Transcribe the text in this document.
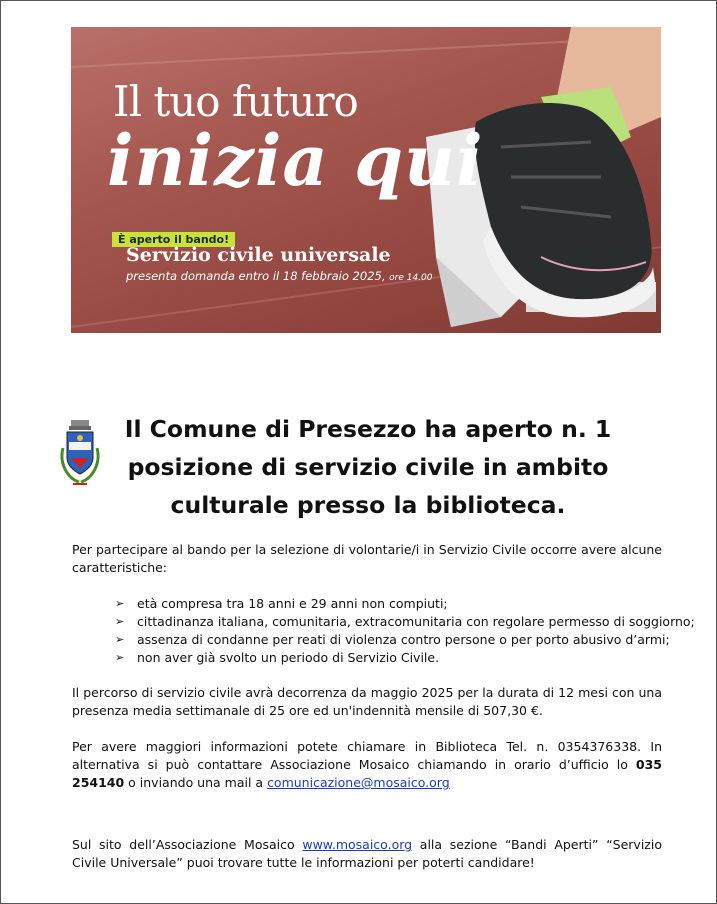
Il tuo futuro
inizia qui
È aperto il bando!
Servizio civile universale
presenta domanda entro il 18 febbraio 2025, ore 14.00
Il Comune di Presezzo ha aperto n. 1
posizione di servizio civile in ambito
culturale presso la biblioteca.

Per partecipare al bando per la selezione di volontarie/i in Servizio Civile occorre avere alcune caratteristiche:

➢ età compresa tra 18 anni e 29 anni non compiuti;
➢ cittadinanza italiana, comunitaria, extracomunitaria con regolare permesso di soggiorno;
➢ assenza di condanne per reati di violenza contro persone o per porto abusivo d’armi;
➢ non aver già svolto un periodo di Servizio Civile.

Il percorso di servizio civile avrà decorrenza da maggio 2025 per la durata di 12 mesi con una presenza media settimanale di 25 ore ed un'indennità mensile di 507,30 €.

Per avere maggiori informazioni potete chiamare in Biblioteca Tel. n. 0354376338. In alternativa si può contattare Associazione Mosaico chiamando in orario d’ufficio lo 035 254140 o inviando una mail a comunicazione@mosaico.org

Sul sito dell’Associazione Mosaico www.mosaico.org alla sezione “Bandi Aperti” “Servizio Civile Universale” puoi trovare tutte le informazioni per poterti candidare!
